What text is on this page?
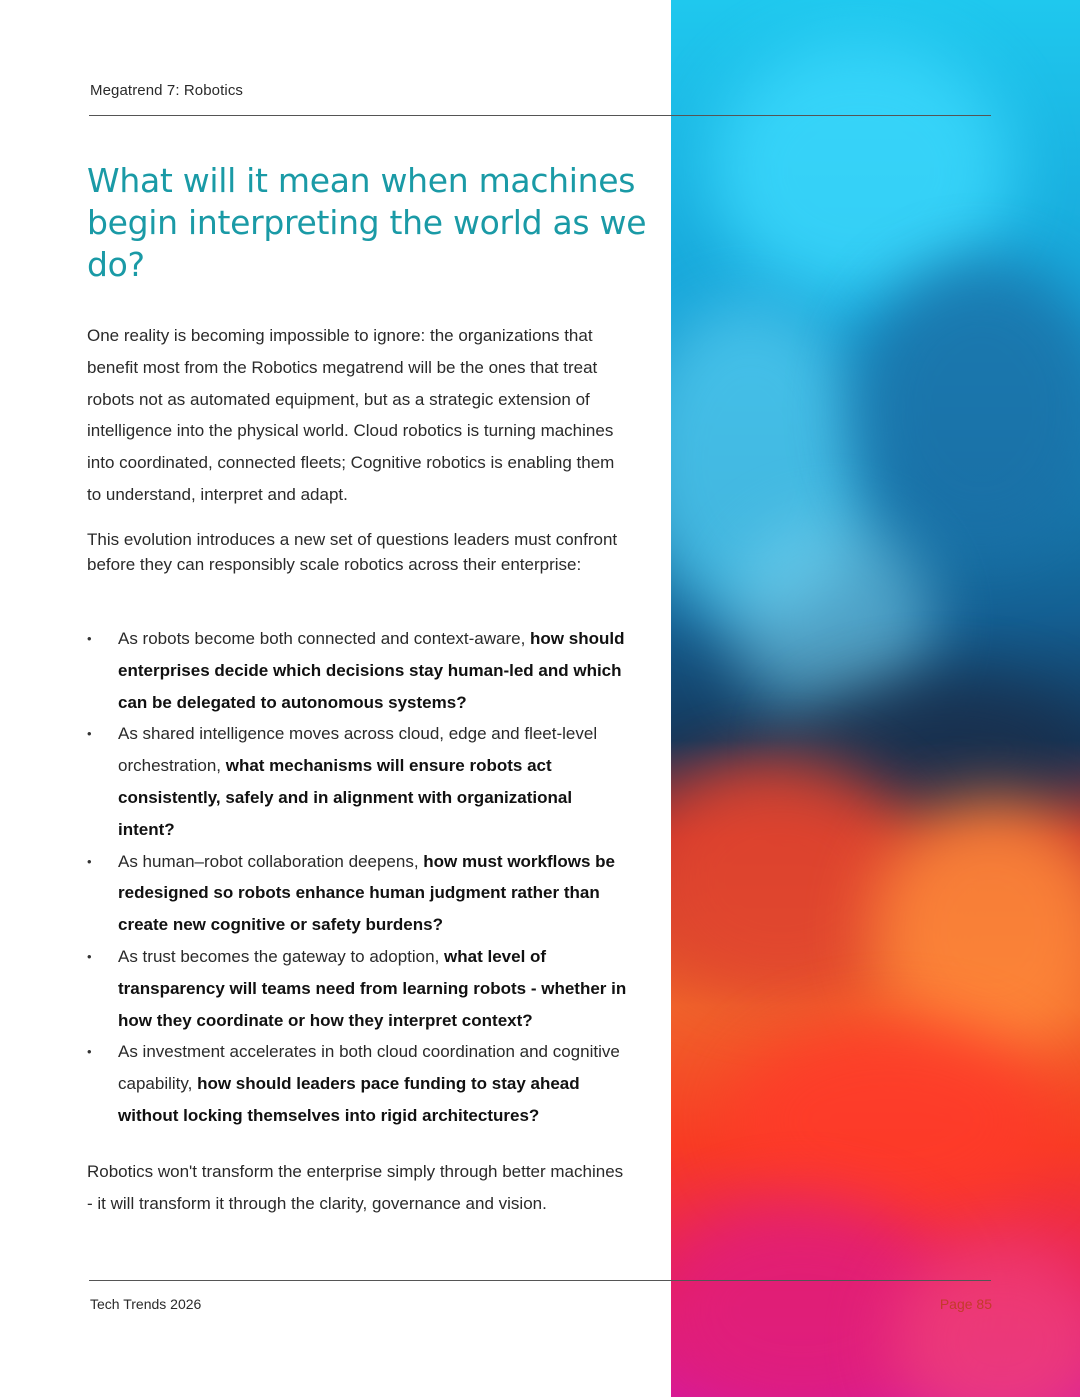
Megatrend 7: Robotics
What will it mean when machines begin interpreting the world as we do?

One reality is becoming impossible to ignore: the organizations that benefit most from the Robotics megatrend will be the ones that treat robots not as automated equipment, but as a strategic extension of intelligence into the physical world. Cloud robotics is turning machines into coordinated, connected fleets; Cognitive robotics is enabling them to understand, interpret and adapt.

This evolution introduces a new set of questions leaders must confront before they can responsibly scale robotics across their enterprise:

• As robots become both connected and context-aware, how should enterprises decide which decisions stay human-led and which can be delegated to autonomous systems?
• As shared intelligence moves across cloud, edge and fleet-level orchestration, what mechanisms will ensure robots act consistently, safely and in alignment with organizational intent?
• As human–robot collaboration deepens, how must workflows be redesigned so robots enhance human judgment rather than create new cognitive or safety burdens?
• As trust becomes the gateway to adoption, what level of transparency will teams need from learning robots - whether in how they coordinate or how they interpret context?
• As investment accelerates in both cloud coordination and cognitive capability, how should leaders pace funding to stay ahead without locking themselves into rigid architectures?

Robotics won't transform the enterprise simply through better machines - it will transform it through the clarity, governance and vision.

Tech Trends 2026	Page 85
